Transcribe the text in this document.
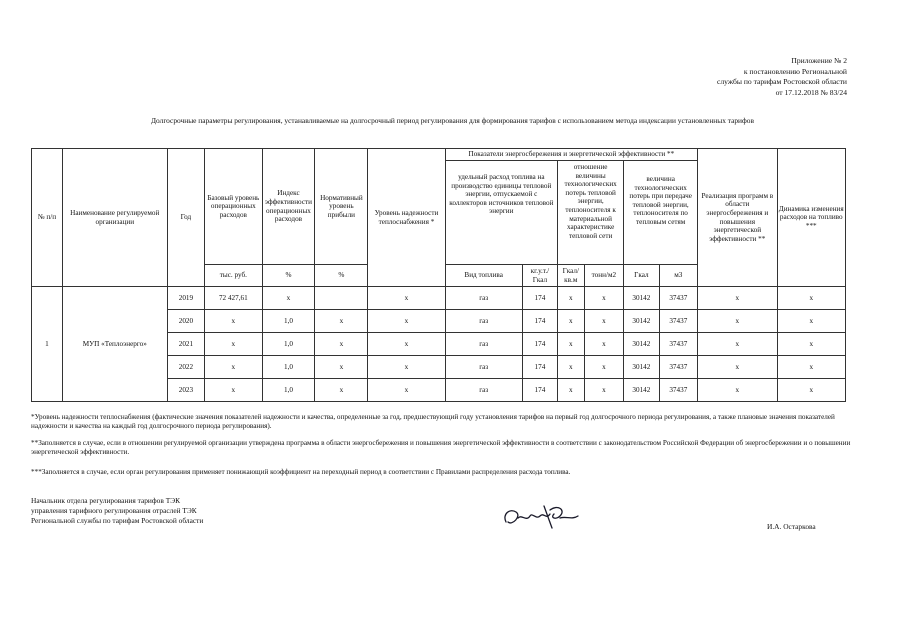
Приложение № 2
к постановлению Региональной
службы по тарифам Ростовской области
от 17.12.2018 № 83/24
Долгосрочные параметры регулирования, устанавливаемые на долгосрочный период регулирования для формирования тарифов с использованием метода индексации установленных тарифов
№ п/п	Наименование регулируемой организации	Год	Базовый уровень операционных расходов	Индекс эффективности операционных расходов	Нормативный уровень прибыли	Уровень надежности теплоснабжения *	Показатели энергосбережения и энергетической эффективности **						Реализация программ в области энергосбережения и повышения энергетической эффективности **	Динамика изменения расходов на топливо ***
							удельный расход топлива на производство единицы тепловой энергии, отпускаемой с коллекторов источников тепловой энергии		отношение величины технологических потерь тепловой энергии, теплоносителя к материальной характеристике тепловой сети		величина технологических потерь при передаче тепловой энергии, теплоносителя по тепловым сетям			
			тыс. руб.	%	%		Вид топлива	кг.у.т./ Гкал	Гкал/ кв.м	тонн/м2	Гкал	м3		
1	МУП «Теплоэнерго»	2019	72 427,61	x		x	газ	174	x	x	30142	37437	x	x
		2020	x	1,0	x	x	газ	174	x	x	30142	37437	x	x
		2021	x	1,0	x	x	газ	174	x	x	30142	37437	x	x
		2022	x	1,0	x	x	газ	174	x	x	30142	37437	x	x
		2023	x	1,0	x	x	газ	174	x	x	30142	37437	x	x
*Уровень надежности теплоснабжения (фактические значения показателей надежности и качества, определенные за год, предшествующий году установления тарифов на первый год долгосрочного периода регулирования, а также плановые значения показателей надежности и качества на каждый год долгосрочного периода регулирования).
**Заполняется в случае, если в отношении регулируемой организации утверждена программа в области энергосбережения и повышения энергетической эффективности в соответствии с законодательством Российской Федерации об энергосбережении и о повышении энергетической эффективности.
***Заполняется в случае, если орган регулирования применяет понижающий коэффициент на переходный период в соответствии с Правилами распределения расхода топлива.
Начальник отдела регулирования тарифов ТЭК
управления тарифного регулирования отраслей ТЭК
Региональной службы по тарифам Ростовской области
И.А. Остаркова
